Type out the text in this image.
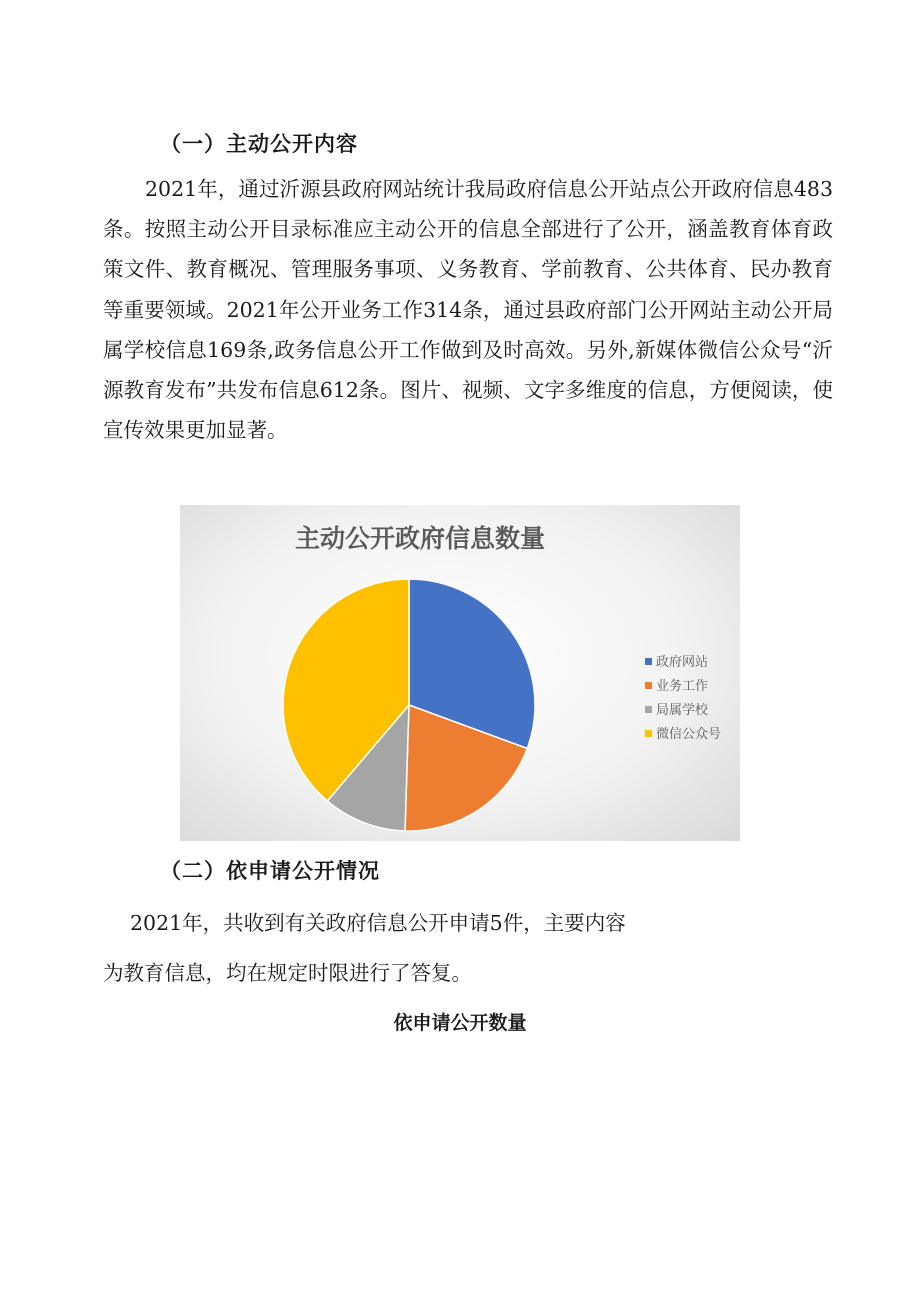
（一）主动公开内容

2021年，通过沂源县政府网站统计我局政府信息公开站点公开政府信息483条。按照主动公开目录标准应主动公开的信息全部进行了公开，涵盖教育体育政策文件、教育概况、管理服务事项、义务教育、学前教育、公共体育、民办教育等重要领域。2021年公开业务工作314条，通过县政府部门公开网站主动公开局属学校信息169条,政务信息公开工作做到及时高效。另外,新媒体微信公众号“沂源教育发布”共发布信息612条。图片、视频、文字多维度的信息，方便阅读，使宣传效果更加显著。

主动公开政府信息数量
政府网站
业务工作
局属学校
微信公众号
（二）依申请公开情况

2021年，共收到有关政府信息公开申请5件，主要内容

为教育信息，均在规定时限进行了答复。

依申请公开数量
